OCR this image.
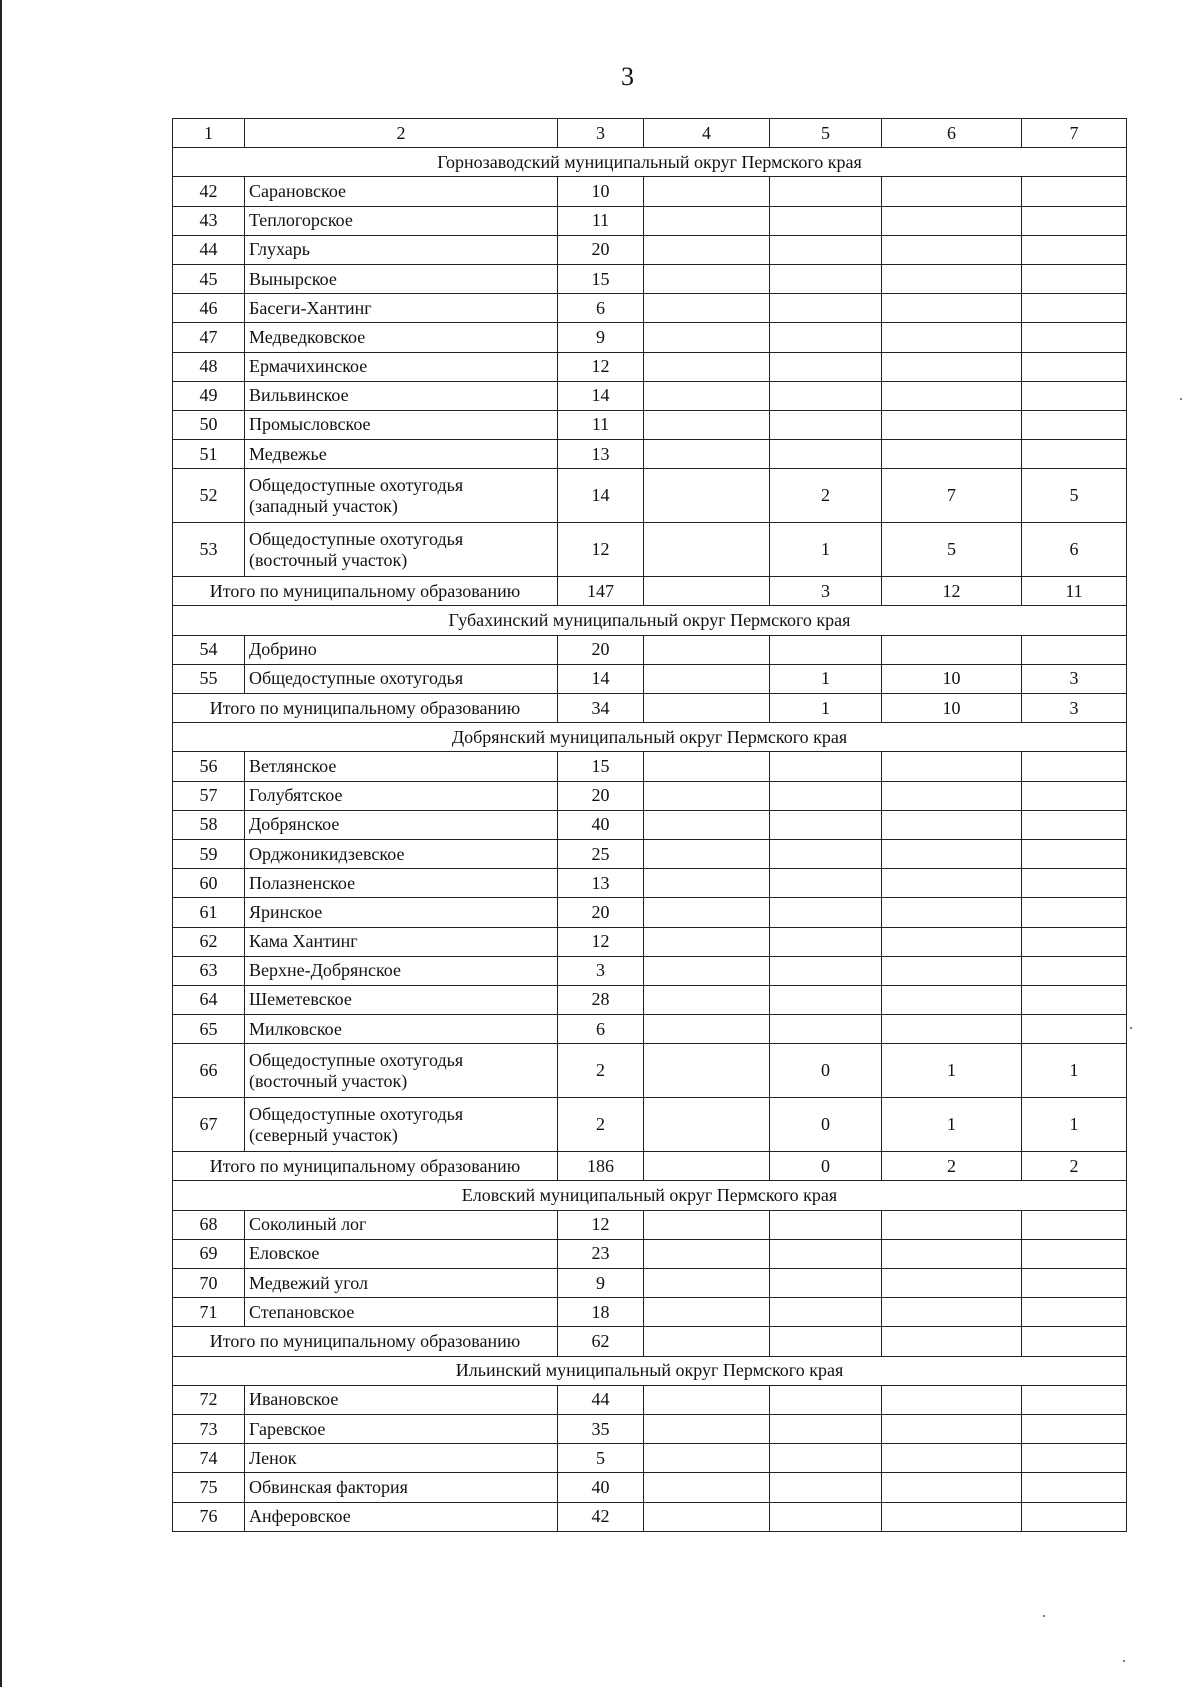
3
1	2	3	4	5	6	7
Горнозаводский муниципальный округ Пермского края						
42	Сарановское	10				
43	Теплогорское	11				
44	Глухарь	20				
45	Вынырское	15				
46	Басеги-Хантинг	6				
47	Медведковское	9				
48	Ермачихинское	12				
49	Вильвинское	14				
50	Промысловское	11				
51	Медвежье	13				
52	Общедоступные охотугодья
(западный участок)	14		2	7	5
53	Общедоступные охотугодья
(восточный участок)	12		1	5	6
Итого по муниципальному образованию		147		3	12	11
Губахинский муниципальный округ Пермского края						
54	Добрино	20				
55	Общедоступные охотугодья	14		1	10	3
Итого по муниципальному образованию		34		1	10	3
Добрянский муниципальный округ Пермского края						
56	Ветлянское	15				
57	Голубятское	20				
58	Добрянское	40				
59	Орджоникидзевское	25				
60	Полазненское	13				
61	Яринское	20				
62	Кама Хантинг	12				
63	Верхне-Добрянское	3				
64	Шеметевское	28				
65	Милковское	6				
66	Общедоступные охотугодья
(восточный участок)	2		0	1	1
67	Общедоступные охотугодья
(северный участок)	2		0	1	1
Итого по муниципальному образованию		186		0	2	2
Еловский муниципальный округ Пермского края						
68	Соколиный лог	12				
69	Еловское	23				
70	Медвежий угол	9				
71	Степановское	18				
Итого по муниципальному образованию		62				
Ильинский муниципальный округ Пермского края						
72	Ивановское	44				
73	Гаревское	35				
74	Ленок	5				
75	Обвинская фактория	40				
76	Анферовское	42				
